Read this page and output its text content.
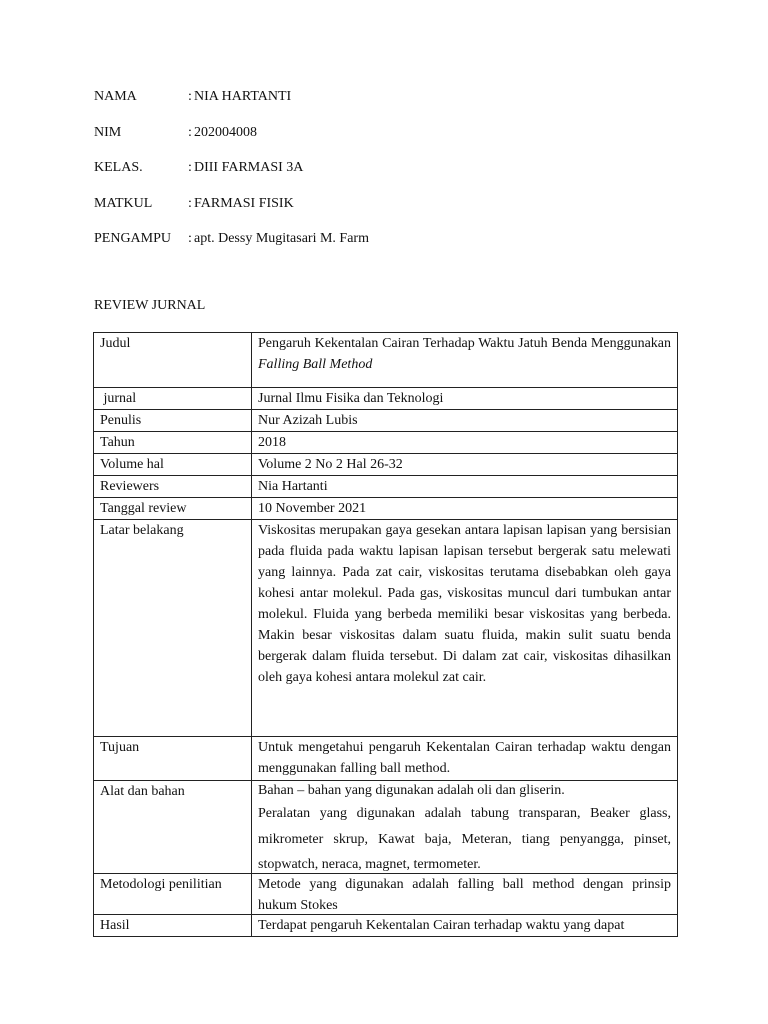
NAMA	: NIA HARTANTI
NIM	: 202004008
KELAS.	: DIII FARMASI 3A
MATKUL	: FARMASI FISIK
PENGAMPU	: apt. Dessy Mugitasari M. Farm
REVIEW JURNAL
Judul	Pengaruh Kekentalan Cairan Terhadap Waktu Jatuh Benda Menggunakan Falling Ball Method
jurnal	Jurnal Ilmu Fisika dan Teknologi
Penulis	Nur Azizah Lubis
Tahun	2018
Volume hal	Volume 2 No 2 Hal 26-32
Reviewers	Nia Hartanti
Tanggal review	10 November 2021
Latar belakang	Viskositas merupakan gaya gesekan antara lapisan lapisan yang bersisian pada fluida pada waktu lapisan lapisan tersebut bergerak satu melewati yang lainnya. Pada zat cair, viskositas terutama disebabkan oleh gaya kohesi antar molekul. Pada gas, viskositas muncul dari tumbukan antar molekul. Fluida yang berbeda memiliki besar viskositas yang berbeda. Makin besar viskositas dalam suatu fluida, makin sulit suatu benda bergerak dalam fluida tersebut. Di dalam zat cair, viskositas dihasilkan oleh gaya kohesi antara molekul zat cair.

Tujuan	Untuk mengetahui pengaruh Kekentalan Cairan terhadap waktu dengan menggunakan falling ball method.

Alat dan bahan	Bahan – bahan yang digunakan adalah oli dan gliserin.

Peralatan yang digunakan adalah tabung transparan, Beaker glass, mikrometer skrup, Kawat baja, Meteran, tiang penyangga, pinset, stopwatch, neraca, magnet, termometer.

Metodologi penilitian	Metode yang digunakan adalah falling ball method dengan prinsip hukum Stokes

Hasil	Terdapat pengaruh Kekentalan Cairan terhadap waktu yang dapat
